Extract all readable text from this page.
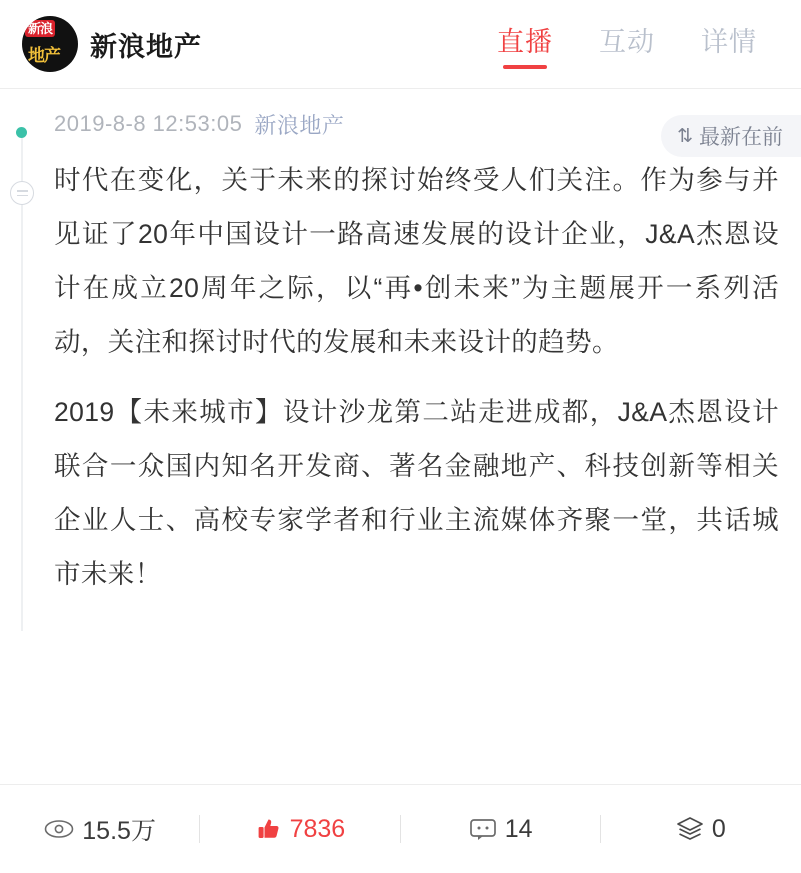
新浪
地产 新浪地产	直播 互动 详情
2019-8-8 12:53:05 新浪地产	⇅ 最新在前

时代在变化，关于未来的探讨始终受人们关注。作为参与并见证了20年中国设计一路高速发展的设计企业，J&A杰恩设计在成立20周年之际，以“再•创未来”为主题展开一系列活动，关注和探讨时代的发展和未来设计的趋势。

2019【未来城市】设计沙龙第二站走进成都，J&A杰恩设计联合一众国内知名开发商、著名金融地产、科技创新等相关企业人士、高校专家学者和行业主流媒体齐聚一堂，共话城市未来！

15.5万	7836	14	0
